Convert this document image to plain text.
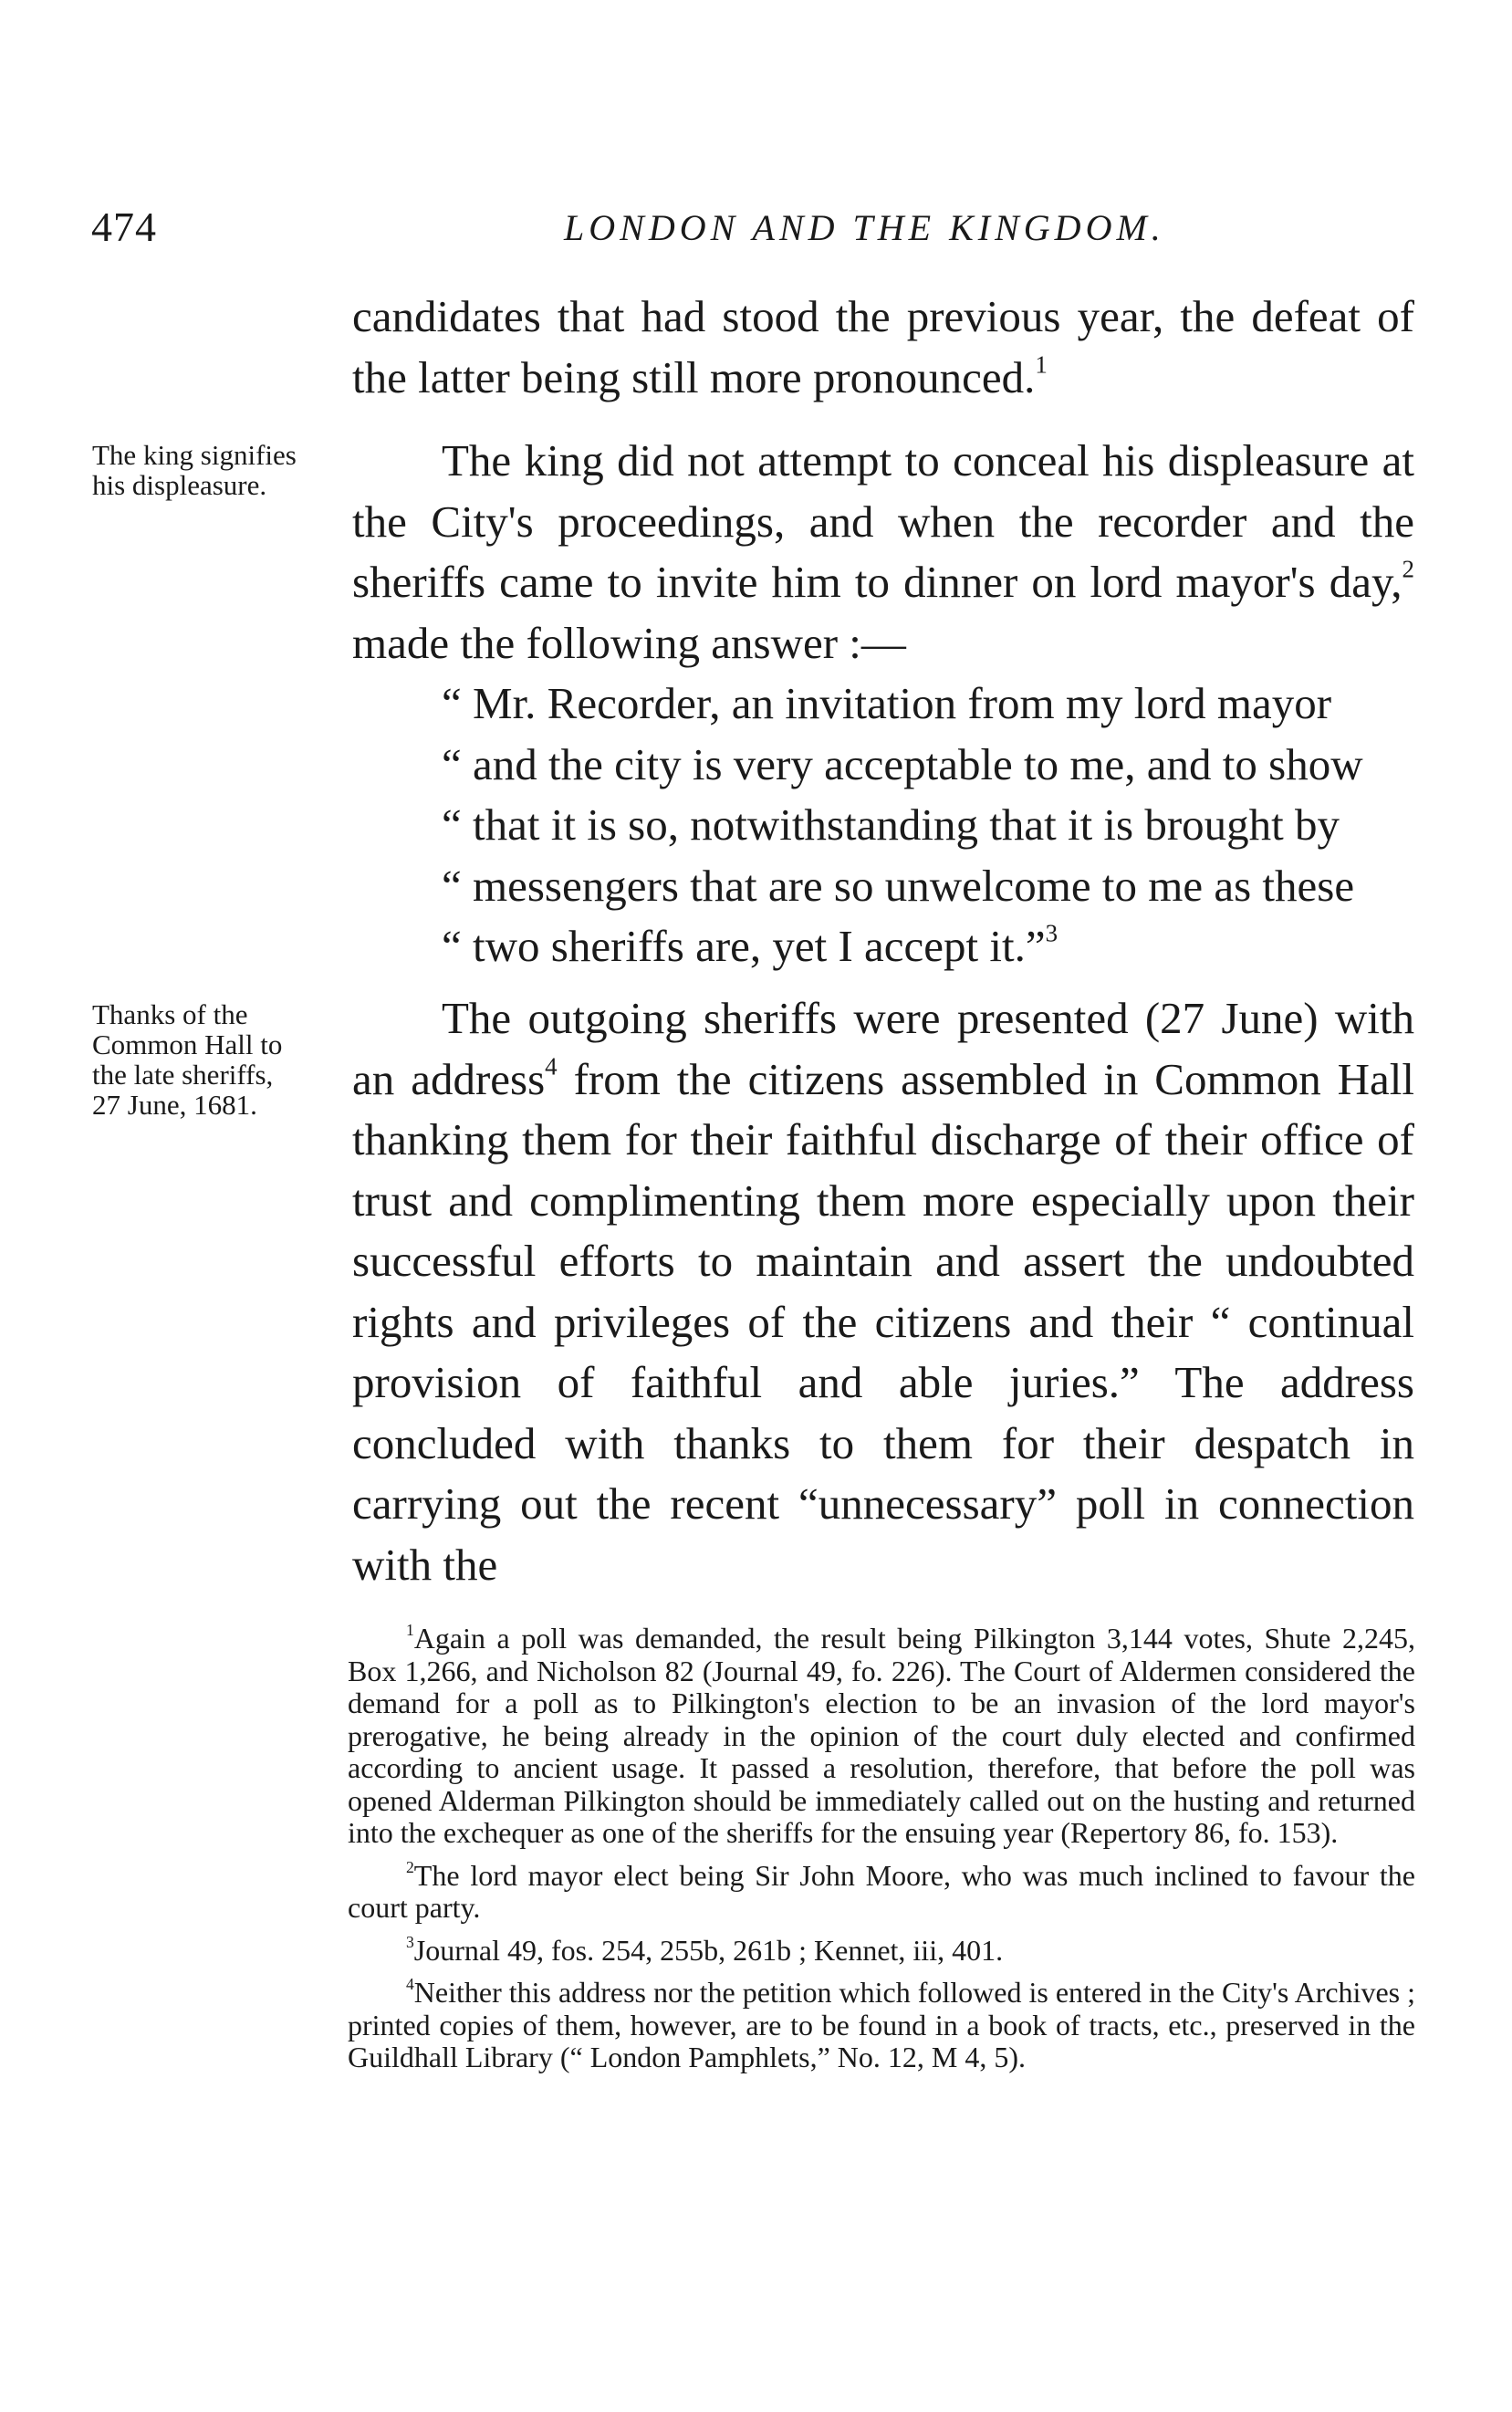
474	LONDON AND THE KINGDOM.

The king signifies his displeasure.

Thanks of the Common Hall to the late sheriffs, 27 June, 1681.

candidates that had stood the previous year, the defeat of the latter being still more pronounced.$^1$

The king did not attempt to conceal his displeasure at the City's proceedings, and when the recorder and the sheriffs came to invite him to dinner on lord mayor's day,$^2$ made the following answer :—
“ Mr. Recorder, an invitation from my lord mayor
“ and the city is very acceptable to me, and to show
“ that it is so, notwithstanding that it is brought by
“ messengers that are so unwelcome to me as these
“ two sheriffs are, yet I accept it.”$^3$

The outgoing sheriffs were presented (27 June) with an address$^4$ from the citizens assembled in Common Hall thanking them for their faithful discharge of their office of trust and complimenting them more especially upon their successful efforts to maintain and assert the undoubted rights and privileges of the citizens and their “ continual provision of faithful and able juries.” The address concluded with thanks to them for their despatch in carrying out the recent “unnecessary” poll in connection with the

$^1$Again a poll was demanded, the result being Pilkington 3,144 votes, Shute 2,245, Box 1,266, and Nicholson 82 (Journal 49, fo. 226). The Court of Aldermen considered the demand for a poll as to Pilkington's election to be an invasion of the lord mayor's prerogative, he being already in the opinion of the court duly elected and confirmed according to ancient usage. It passed a resolution, therefore, that before the poll was opened Alderman Pilkington should be immediately called out on the husting and returned into the exchequer as one of the sheriffs for the ensuing year (Repertory 86, fo. 153).

$^2$The lord mayor elect being Sir John Moore, who was much inclined to favour the court party.

$^3$Journal 49, fos. 254, 255b, 261b ; Kennet, iii, 401.

$^4$Neither this address nor the petition which followed is entered in the City's Archives ; printed copies of them, however, are to be found in a book of tracts, etc., preserved in the Guildhall Library (“ London Pamphlets,” No. 12, M 4, 5).
